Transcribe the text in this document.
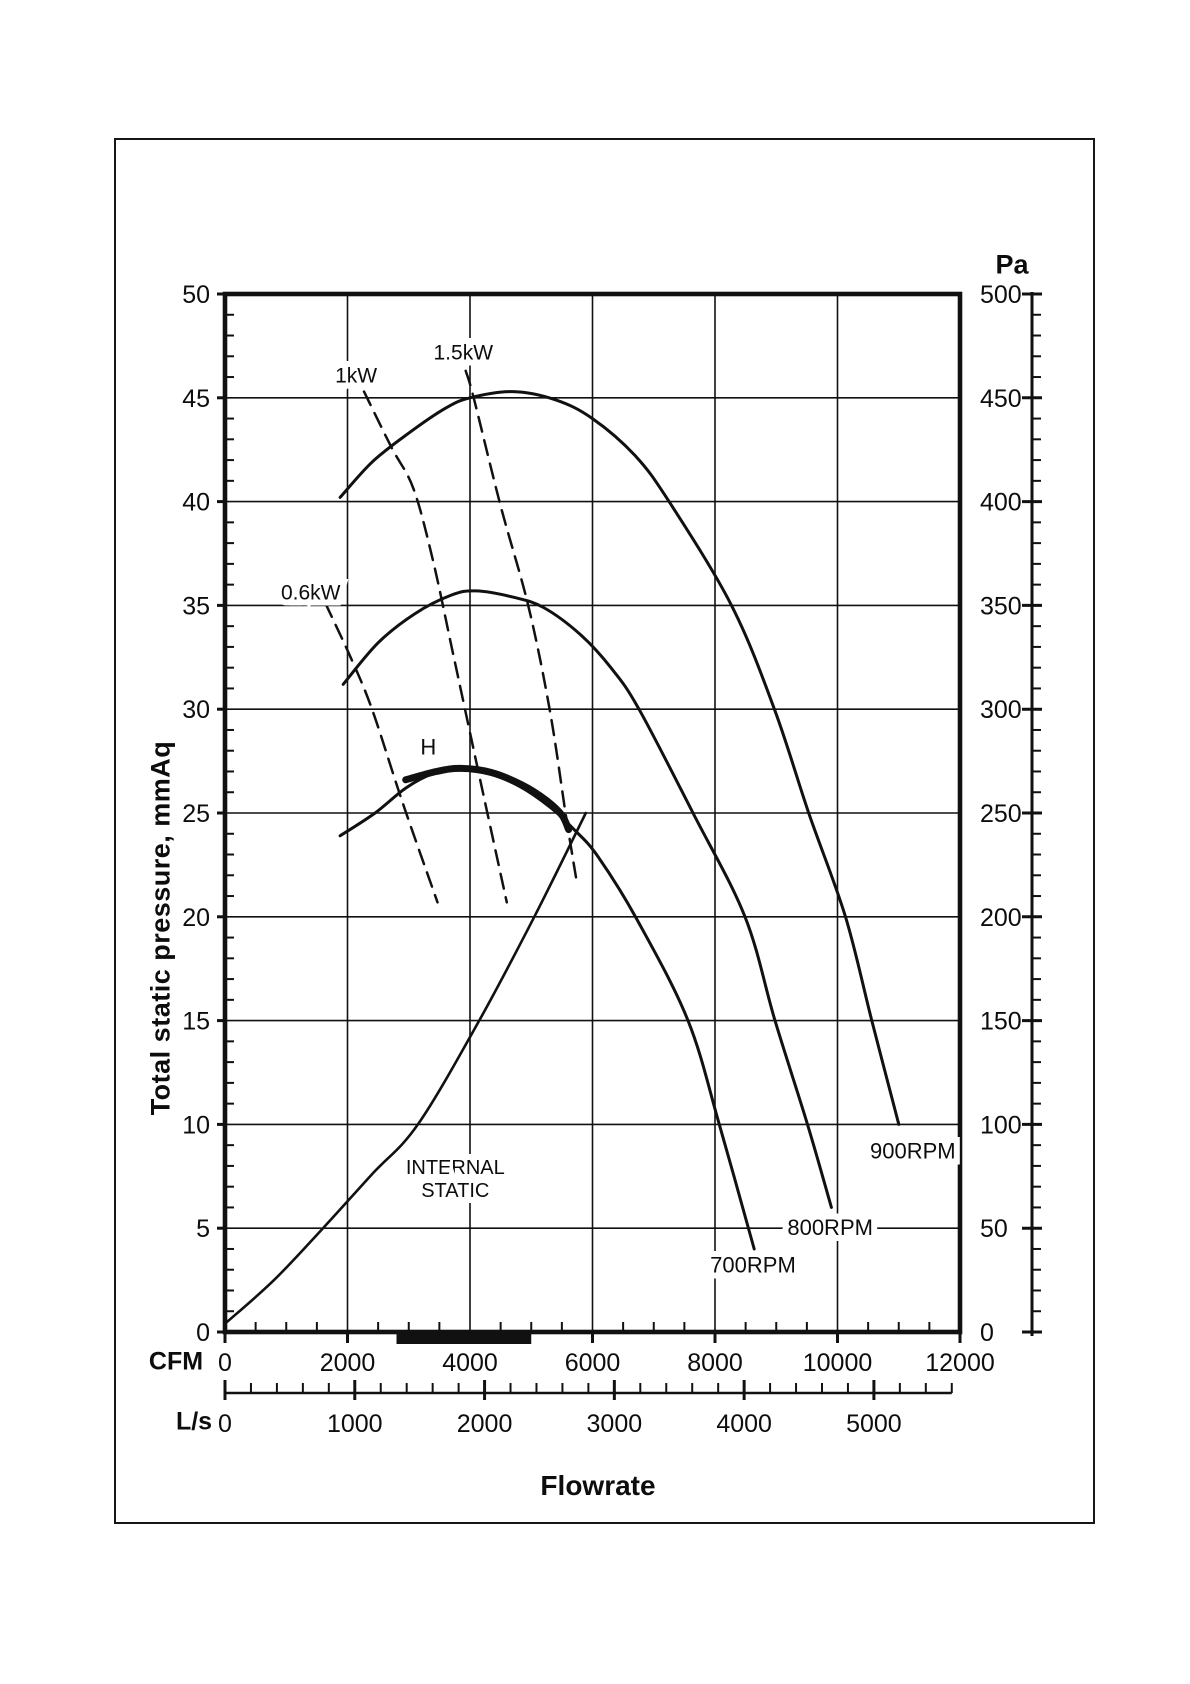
0
50
100
150
200
250
300
350
400
450
500
0	1000	2000	3000	4000	5000
0
5
10
15
20
25
30
35
40
45
50
0	2000	4000	6000	8000 10000 12000
1kW
1.5kW
0.6kW
H
INTERNAL
STATIC
700RPM
800RPM
900RPM
Pa
Total static pressure, mmAq
CFM
L/s
Flowrate
